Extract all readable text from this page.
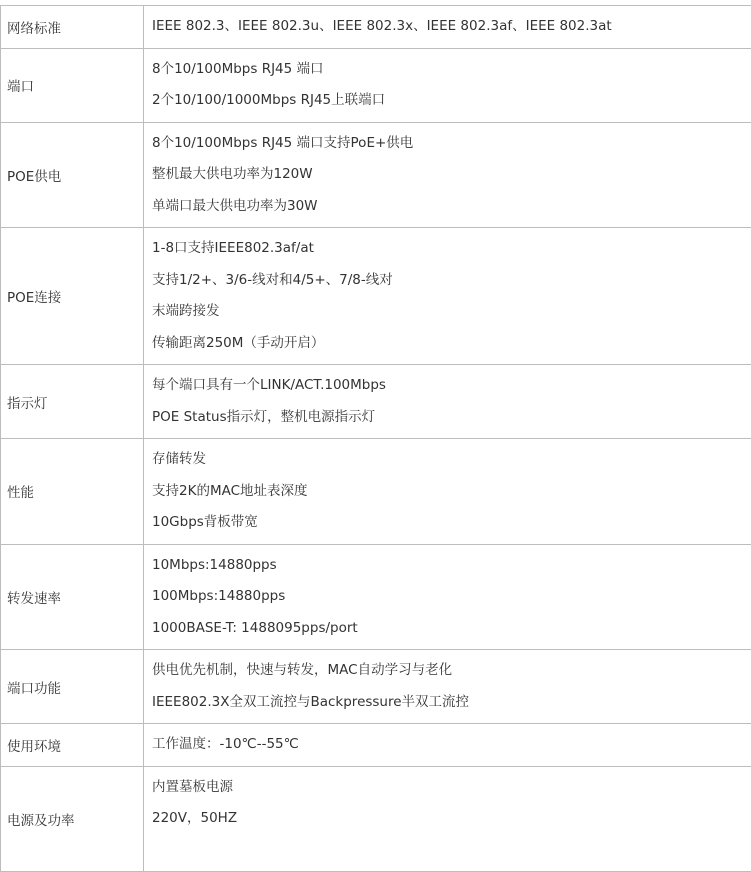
网络标准	IEEE 802.3、IEEE 802.3u、IEEE 802.3x、IEEE 802.3af、IEEE 802.3at

端口	8个10/100Mbps RJ45 端口
2个10/100/1000Mbps RJ45上联端口

POE供电	8个10/100Mbps RJ45 端口支持PoE+供电
整机最大供电功率为120W
单端口最大供电功率为30W

POE连接	1-8口支持IEEE802.3af/at
支持1/2+、3/6-线对和4/5+、7/8-线对
末端跨接发
传输距离250M（手动开启）

指示灯	每个端口具有一个LINK/ACT.100Mbps
POE Status指示灯，整机电源指示灯

性能	存储转发
支持2K的MAC地址表深度
10Gbps背板带宽

转发速率	10Mbps:14880pps
100Mbps:14880pps
1000BASE-T: 1488095pps/port

端口功能	供电优先机制，快速与转发，MAC自动学习与老化
IEEE802.3X全双工流控与Backpressure半双工流控

使用环境	工作温度：-10℃--55℃

电源及功率	内置墓板电源
220V，50HZ
